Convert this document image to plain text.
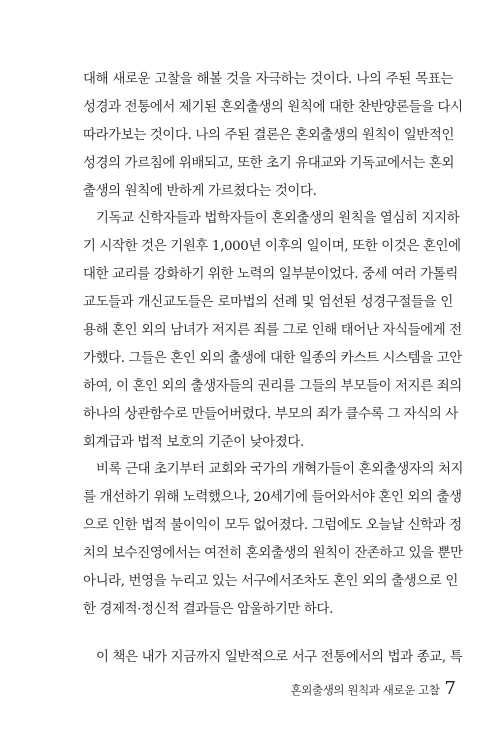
대해 새로운 고찰을 해볼 것을 자극하는 것이다. 나의 주된 목표는
성경과 전통에서 제기된 혼외출생의 원칙에 대한 찬반양론들을 다시
따라가보는 것이다. 나의 주된 결론은 혼외출생의 원칙이 일반적인
성경의 가르침에 위배되고, 또한 초기 유대교와 기독교에서는 혼외
출생의 원칙에 반하게 가르쳤다는 것이다.
기독교 신학자들과 법학자들이 혼외출생의 원칙을 열심히 지지하
기 시작한 것은 기원후 1,000년 이후의 일이며, 또한 이것은 혼인에
대한 교리를 강화하기 위한 노력의 일부분이었다. 중세 여러 가톨릭
교도들과 개신교도들은 로마법의 선례 및 엄선된 성경구절들을 인
용해 혼인 외의 남녀가 저지른 죄를 그로 인해 태어난 자식들에게 전
가했다. 그들은 혼인 외의 출생에 대한 일종의 카스트 시스템을 고안
하여, 이 혼인 외의 출생자들의 권리를 그들의 부모들이 저지른 죄의
하나의 상관함수로 만들어버렸다. 부모의 죄가 클수록 그 자식의 사
회계급과 법적 보호의 기준이 낮아졌다.
비록 근대 초기부터 교회와 국가의 개혁가들이 혼외출생자의 처지
를 개선하기 위해 노력했으나, 20세기에 들어와서야 혼인 외의 출생
으로 인한 법적 불이익이 모두 없어졌다. 그럼에도 오늘날 신학과 정
치의 보수진영에서는 여전히 혼외출생의 원칙이 잔존하고 있을 뿐만
아니라, 번영을 누리고 있는 서구에서조차도 혼인 외의 출생으로 인
한 경제적·정신적 결과들은 암울하기만 하다.
이 책은 내가 지금까지 일반적으로 서구 전통에서의 법과 종교, 특
혼외출생의 원칙과 새로운 고찰 7
